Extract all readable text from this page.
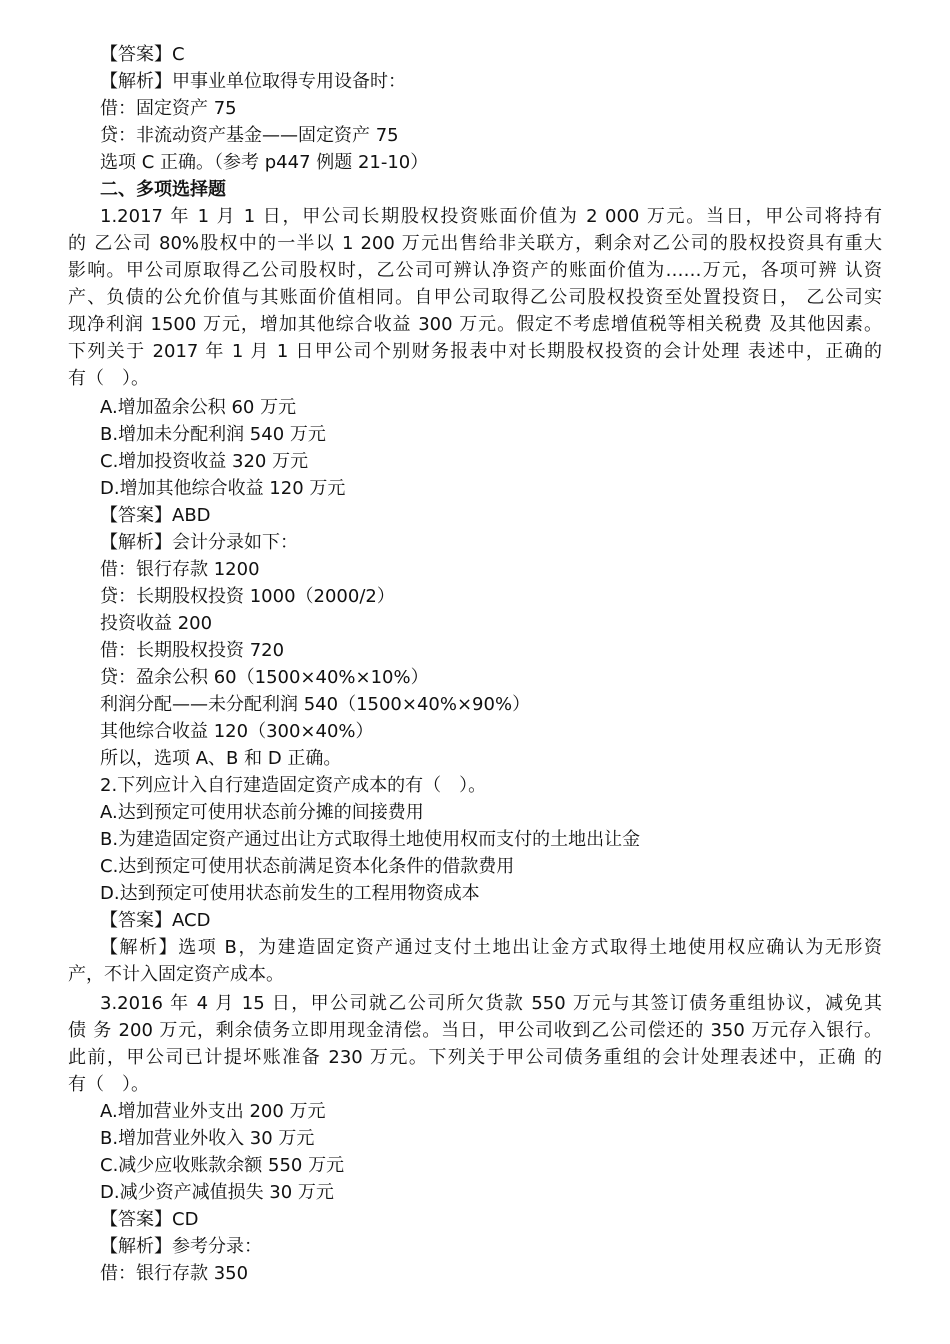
【答案】C
【解析】甲事业单位取得专用设备时：
借：固定资产 75
贷：非流动资产基金——固定资产 75
选项 C 正确。（参考 p447 例题 21-10）
二、多项选择题
1.2017 年 1 月 1 日，甲公司长期股权投资账面价值为 2 000 万元。当日，甲公司将持有
的 乙公司 80%股权中的一半以 1 200 万元出售给非关联方，剩余对乙公司的股权投资具有重大
影响。甲公司原取得乙公司股权时，乙公司可辨认净资产的账面价值为……万元，各项可辨 认资
产、负债的公允价值与其账面价值相同。自甲公司取得乙公司股权投资至处置投资日， 乙公司实
现净利润 1500 万元，增加其他综合收益 300 万元。假定不考虑增值税等相关税费 及其他因素。
下列关于 2017 年 1 月 1 日甲公司个别财务报表中对长期股权投资的会计处理 表述中，正确的
有（　）。
A.增加盈余公积 60 万元
B.增加未分配利润 540 万元
C.增加投资收益 320 万元
D.增加其他综合收益 120 万元
【答案】ABD
【解析】会计分录如下：
借：银行存款 1200
贷：长期股权投资 1000（2000/2）
投资收益 200
借：长期股权投资 720
贷：盈余公积 60（1500×40%×10%）
利润分配——未分配利润 540（1500×40%×90%）
其他综合收益 120（300×40%）
所以，选项 A、B 和 D 正确。
2.下列应计入自行建造固定资产成本的有（　）。
A.达到预定可使用状态前分摊的间接费用
B.为建造固定资产通过出让方式取得土地使用权而支付的土地出让金
C.达到预定可使用状态前满足资本化条件的借款费用
D.达到预定可使用状态前发生的工程用物资成本
【答案】ACD
【解析】选项 B，为建造固定资产通过支付土地出让金方式取得土地使用权应确认为无形资
产，不计入固定资产成本。
3.2016 年 4 月 15 日，甲公司就乙公司所欠货款 550 万元与其签订债务重组协议，减免其
债 务 200 万元，剩余债务立即用现金清偿。当日，甲公司收到乙公司偿还的 350 万元存入银行。
此前，甲公司已计提坏账准备 230 万元。下列关于甲公司债务重组的会计处理表述中，正确 的
有（　）。
A.增加营业外支出 200 万元
B.增加营业外收入 30 万元
C.减少应收账款余额 550 万元
D.减少资产减值损失 30 万元
【答案】CD
【解析】参考分录：
借：银行存款 350
